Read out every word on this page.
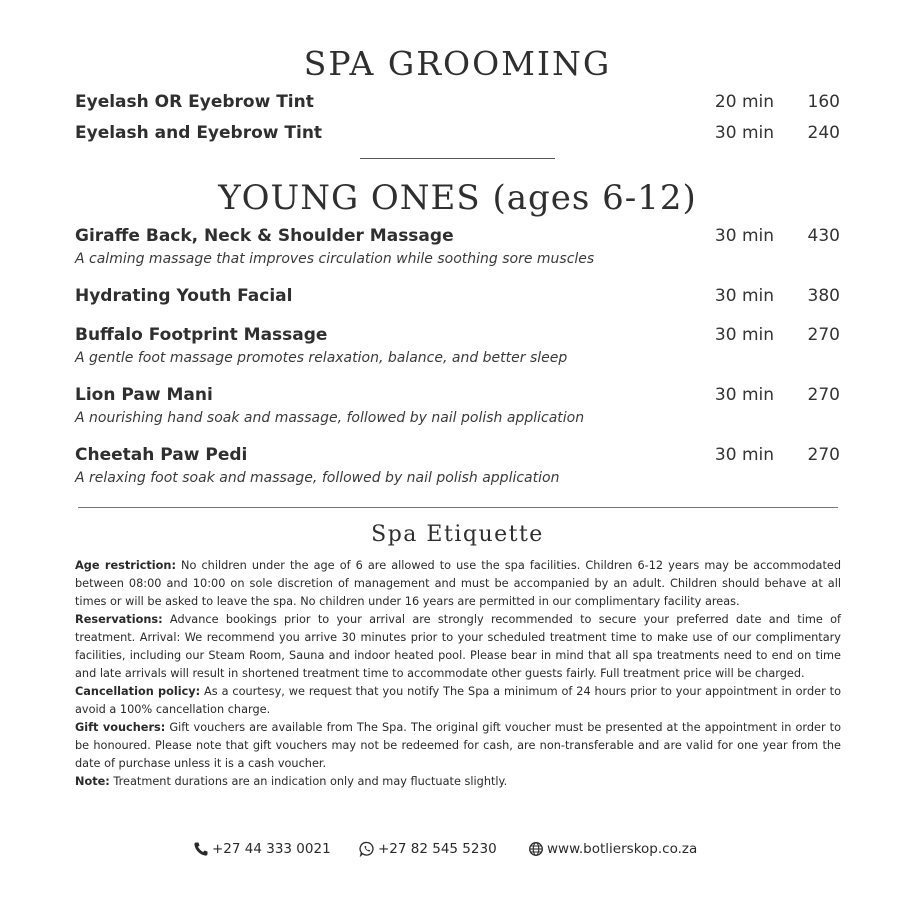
SPA GROOMING
Eyelash OR Eyebrow Tint	20 min 160
Eyelash and Eyebrow Tint	30 min 240
YOUNG ONES (ages 6-12)
Giraffe Back, Neck & Shoulder Massage	30 min 430
A calming massage that improves circulation while soothing sore muscles
Hydrating Youth Facial	30 min 380
Buffalo Footprint Massage	30 min 270
A gentle foot massage promotes relaxation, balance, and better sleep
Lion Paw Mani	30 min 270
A nourishing hand soak and massage, followed by nail polish application
Cheetah Paw Pedi	30 min 270
A relaxing foot soak and massage, followed by nail polish application
Spa Etiquette

Age restriction: No children under the age of 6 are allowed to use the spa facilities. Children 6-12 years may be accommodated between 08:00 and 10:00 on sole discretion of management and must be accompanied by an adult. Children should behave at all times or will be asked to leave the spa. No children under 16 years are permitted in our complimentary facility areas.

Reservations: Advance bookings prior to your arrival are strongly recommended to secure your preferred date and time of treatment. Arrival: We recommend you arrive 30 minutes prior to your scheduled treatment time to make use of our complimentary facilities, including our Steam Room, Sauna and indoor heated pool. Please bear in mind that all spa treatments need to end on time and late arrivals will result in shortened treatment time to accommodate other guests fairly. Full treatment price will be charged.

Cancellation policy: As a courtesy, we request that you notify The Spa a minimum of 24 hours prior to your appointment in order to avoid a 100% cancellation charge.

Gift vouchers: Gift vouchers are available from The Spa. The original gift voucher must be presented at the appointment in order to be honoured. Please note that gift vouchers may not be redeemed for cash, are non-transferable and are valid for one year from the date of purchase unless it is a cash voucher.

Note: Treatment durations are an indication only and may fluctuate slightly.

+27 44 333 0021	+27 82 545 5230	www.botlierskop.co.za
